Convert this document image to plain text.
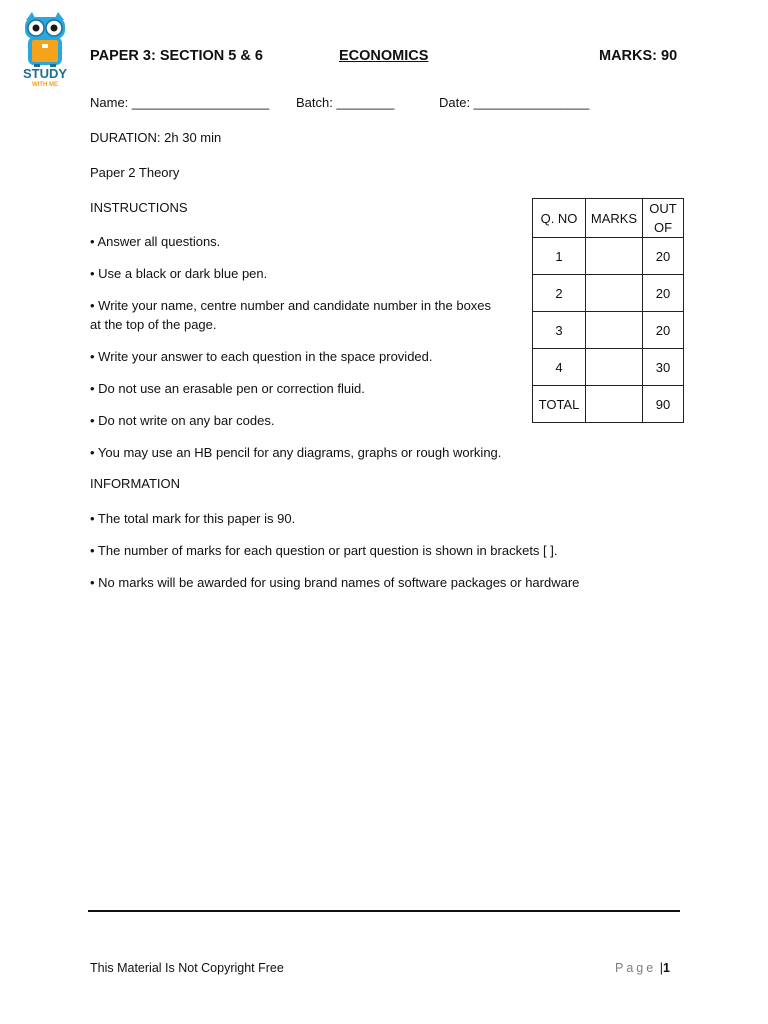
STUDY
WITH ME
PAPER 3: SECTION 5 & 6	ECONOMICS	MARKS: 90
Name: ___________________ Batch: ________	Date: ________________
DURATION: 2h 30 min
Paper 2 Theory
INSTRUCTIONS
• Answer all questions.
• Use a black or dark blue pen.
• Write your name, centre number and candidate number in the boxes at the top of the page.
• Write your answer to each question in the space provided.
• Do not use an erasable pen or correction fluid.
• Do not write on any bar codes.
• You may use an HB pencil for any diagrams, graphs or rough working.
INFORMATION
• The total mark for this paper is 90.
• The number of marks for each question or part question is shown in brackets [ ].
• No marks will be awarded for using brand names of software packages or hardware
Q. NO	MARKS	OUT
OF
1		20
2		20
3		20
4		30
TOTAL		90
This Material Is Not Copyright Free	Page |1
